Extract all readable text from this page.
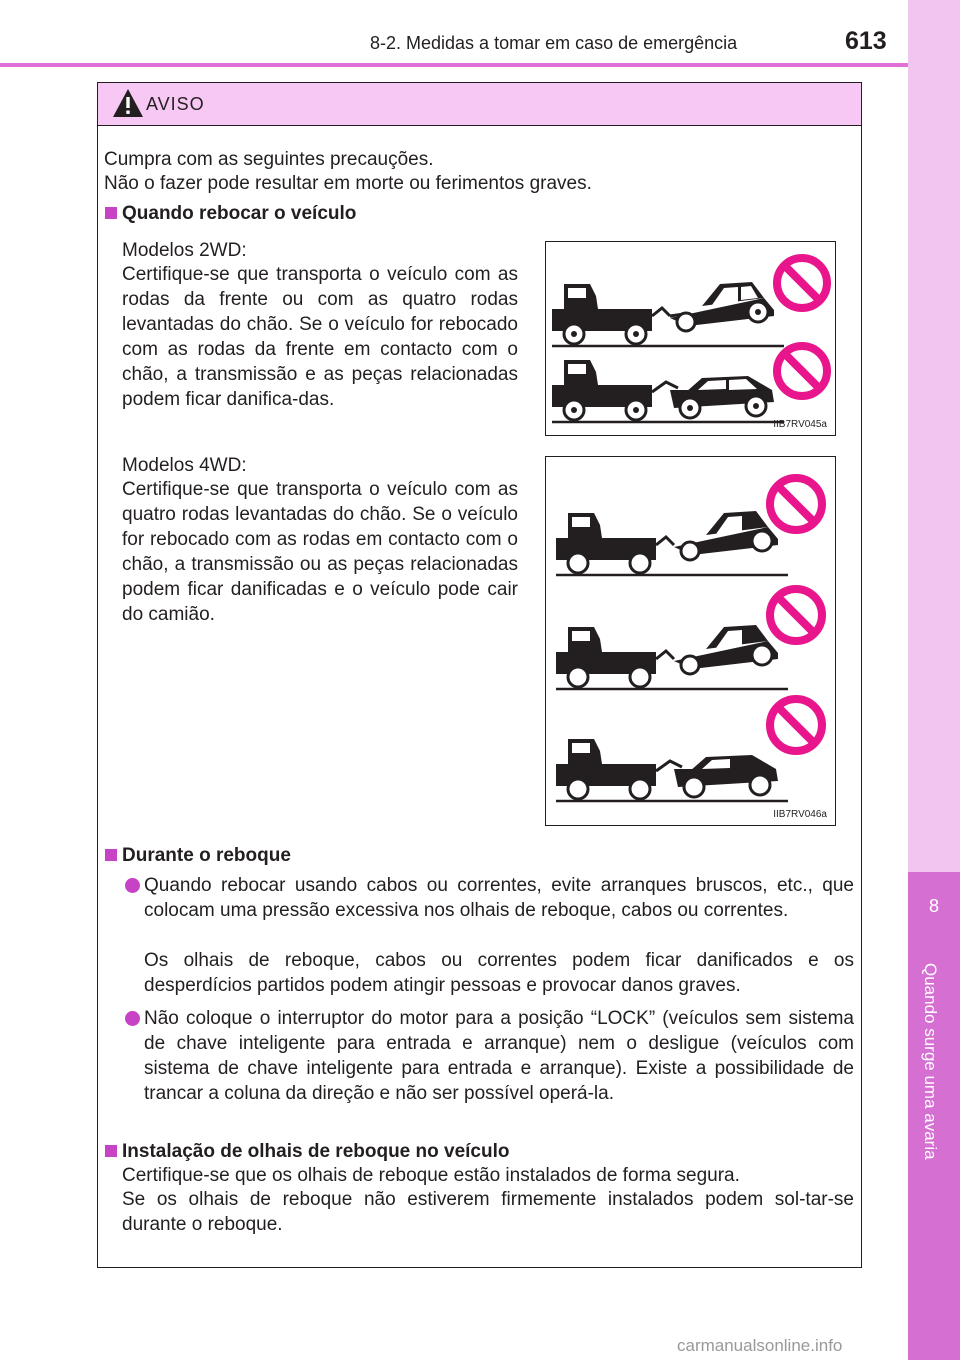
8-2. Medidas a tomar em caso de emergência	613
8
Quando surge uma avaria
AVISO
Cumpra com as seguintes precauções.
Não o fazer pode resultar em morte ou ferimentos graves.
Quando rebocar o veículo
Modelos 2WD:
Certifique-se que transporta o veículo com as rodas da frente ou com as quatro rodas levantadas do chão. Se o veículo for rebocado com as rodas da frente em contacto com o chão, a transmissão e as peças relacionadas podem ficar danifica-das.
Modelos 4WD:
Certifique-se que transporta o veículo com as quatro rodas levantadas do chão. Se o veículo for rebocado com as rodas em contacto com o chão, a transmissão ou as peças relacionadas podem ficar danificadas e o veículo pode cair do camião.
Durante o reboque
Quando rebocar usando cabos ou correntes, evite arranques bruscos, etc., que colocam uma pressão excessiva nos olhais de reboque, cabos ou correntes.
Os olhais de reboque, cabos ou correntes podem ficar danificados e os desperdícios partidos podem atingir pessoas e provocar danos graves.
Não coloque o interruptor do motor para a posição “LOCK” (veículos sem sistema de chave inteligente para entrada e arranque) nem o desligue (veículos com sistema de chave inteligente para entrada e arranque). Existe a possibilidade de trancar a coluna da direção e não ser possível operá-la.
Instalação de olhais de reboque no veículo
Certifique-se que os olhais de reboque estão instalados de forma segura.
Se os olhais de reboque não estiverem firmemente instalados podem sol-tar-se durante o reboque.
IIB7RV045a
IIB7RV046a
carmanualsonline.info
